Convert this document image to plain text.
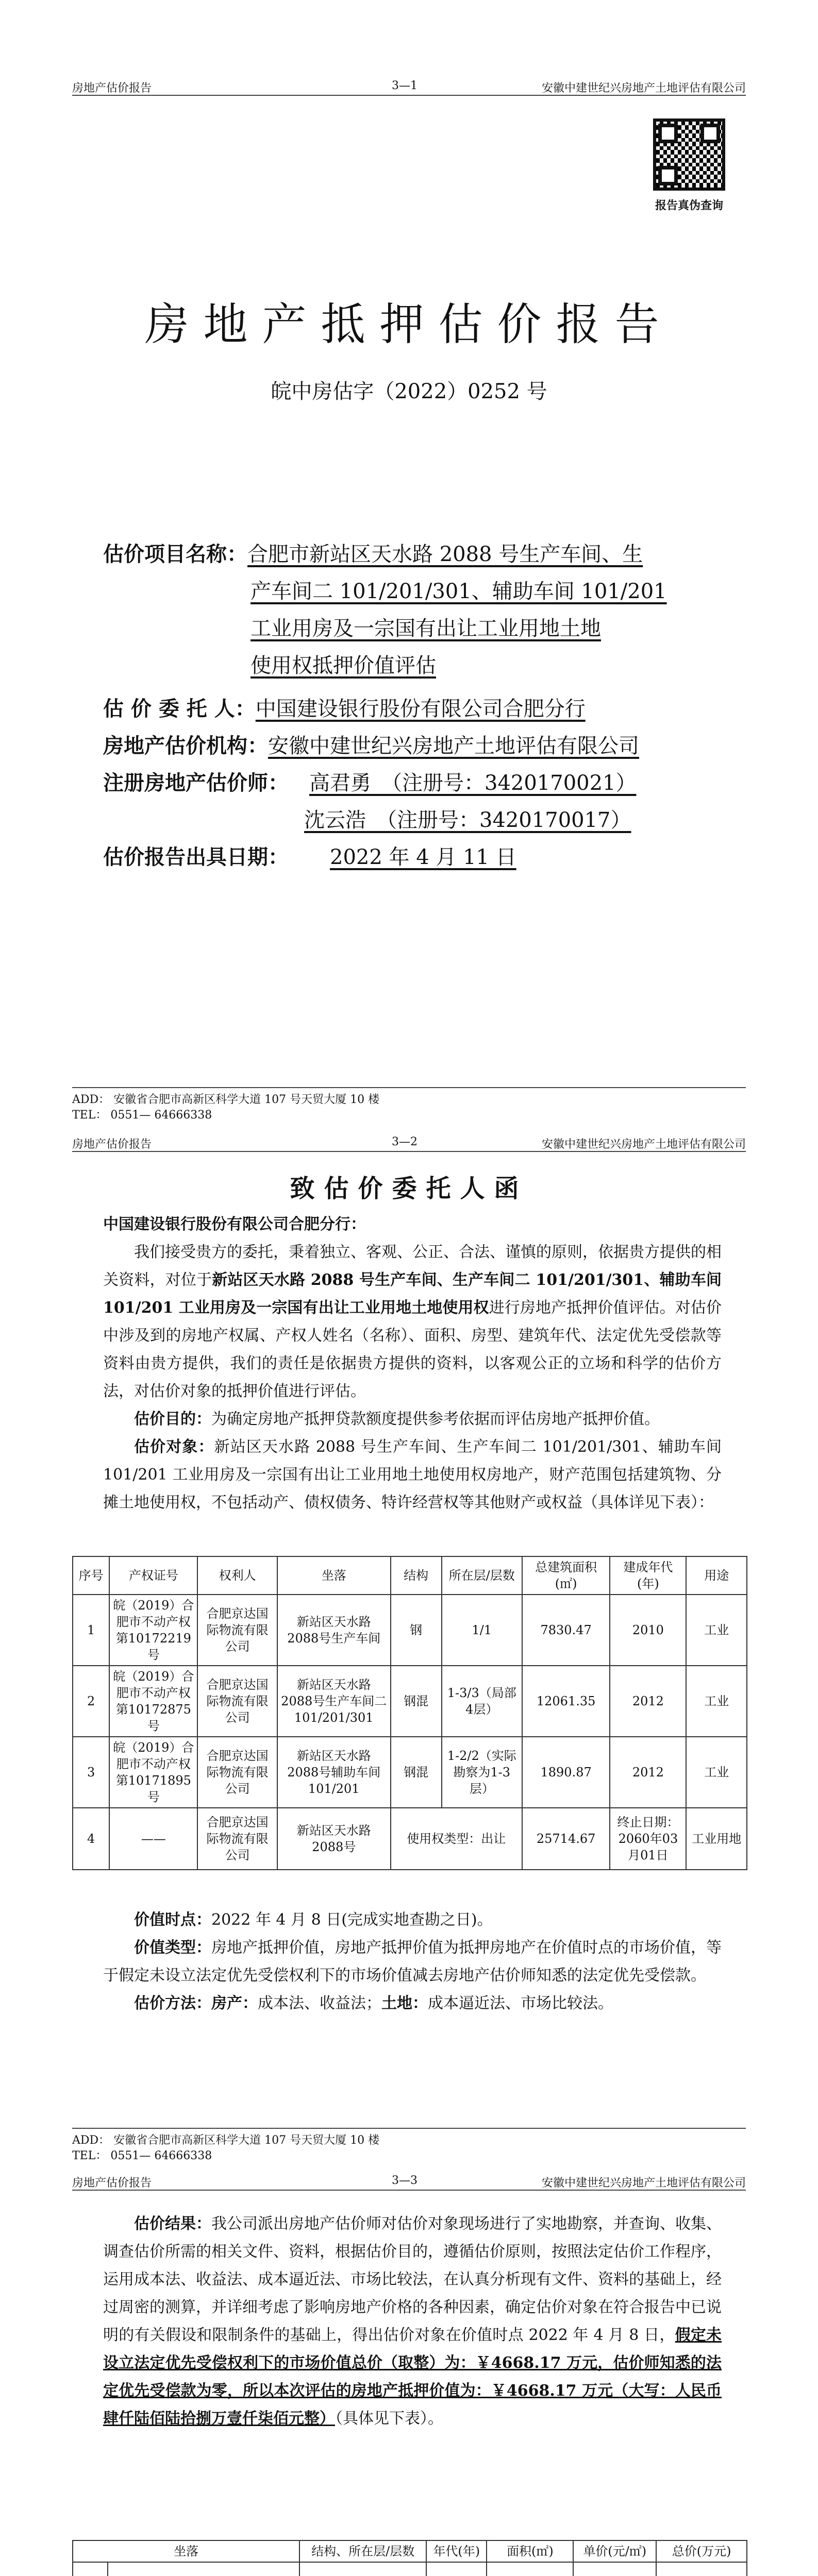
房地产估价报告	3—1	安徽中建世纪兴房地产土地评估有限公司
报告真伪查询
房地产抵押估价报告
皖中房估字（2022）0252 号
估价项目名称：合肥市新站区天水路 2088 号生产车间、生
产车间二 101/201/301、辅助车间 101/201
工业用房及一宗国有出让工业用地土地
使用权抵押价值评估
估 价 委 托 人：中国建设银行股份有限公司合肥分行
房地产估价机构：安徽中建世纪兴房地产土地评估有限公司
注册房地产估价师： 高君勇　（注册号：3420170021）
沈云浩　（注册号：3420170017）
估价报告出具日期： 2022 年 4 月 11 日
ADD： 安徽省合肥市高新区科学大道 107 号天贸大厦 10 楼
TEL： 0551— 64666338
房地产估价报告	3—2	安徽中建世纪兴房地产土地评估有限公司
致估价委托人函
中国建设银行股份有限公司合肥分行：
我们接受贵方的委托，秉着独立、客观、公正、合法、谨慎的原则，依据贵方提供的相关资料，对位于新站区天水路 2088 号生产车间、生产车间二 101/201/301、辅助车间 101/201 工业用房及一宗国有出让工业用地土地使用权进行房地产抵押价值评估。对估价中涉及到的房地产权属、产权人姓名（名称）、面积、房型、建筑年代、法定优先受偿款等资料由贵方提供，我们的责任是依据贵方提供的资料，以客观公正的立场和科学的估价方法，对估价对象的抵押价值进行评估。
估价目的：为确定房地产抵押贷款额度提供参考依据而评估房地产抵押价值。
估价对象：新站区天水路 2088 号生产车间、生产车间二 101/201/301、辅助车间 101/201 工业用房及一宗国有出让工业用地土地使用权房地产，财产范围包括建筑物、分摊土地使用权，不包括动产、债权债务、特许经营权等其他财产或权益（具体详见下表）：
序号	产权证号	权利人	坐落	结构	所在层/层数	总建筑面积(㎡)	建成年代(年)	用途
1	皖（2019）合肥市不动产权第10172219 号	合肥京达国际物流有限公司	新站区天水路 2088号生产车间	钢	1/1	7830.47	2010	工业
2	皖（2019）合肥市不动产权第10172875 号	合肥京达国际物流有限公司	新站区天水路 2088号生产车间二101/201/301	钢混	1-3/3（局部4层）	12061.35	2012	工业
3	皖（2019）合肥市不动产权第10171895 号	合肥京达国际物流有限公司	新站区天水路 2088号辅助车间101/201	钢混	1-2/2（实际勘察为1-3层）	1890.87	2012	工业
4	——	合肥京达国际物流有限公司	新站区天水路 2088号	使用权类型：出让		25714.67	终止日期：2060年03月01日	工业用地
价值时点：2022 年 4 月 8 日(完成实地查勘之日)。
价值类型：房地产抵押价值，房地产抵押价值为抵押房地产在价值时点的市场价值，等于假定未设立法定优先受偿权利下的市场价值减去房地产估价师知悉的法定优先受偿款。
估价方法：房产：成本法、收益法；土地：成本逼近法、市场比较法。
ADD： 安徽省合肥市高新区科学大道 107 号天贸大厦 10 楼
TEL： 0551— 64666338
房地产估价报告	3—3	安徽中建世纪兴房地产土地评估有限公司
估价结果：我公司派出房地产估价师对估价对象现场进行了实地勘察，并查询、收集、调查估价所需的相关文件、资料，根据估价目的，遵循估价原则，按照法定估价工作程序，运用成本法、收益法、成本逼近法、市场比较法，在认真分析现有文件、资料的基础上，经过周密的测算，并详细考虑了影响房地产价格的各种因素，确定估价对象在符合报告中已说明的有关假设和限制条件的基础上，得出估价对象在价值时点 2022 年 4 月 8 日，假定未设立法定优先受偿权利下的市场价值总价（取整）为：￥4668.17 万元，估价师知悉的法定优先受偿款为零，所以本次评估的房地产抵押价值为：￥4668.17 万元（大写：人民币肆仟陆佰陆拾捌万壹仟柒佰元整）（具体见下表）。
坐落		结构、所在层/层数	年代(年)	面积(㎡)	单价(元/㎡)	总价(万元)
